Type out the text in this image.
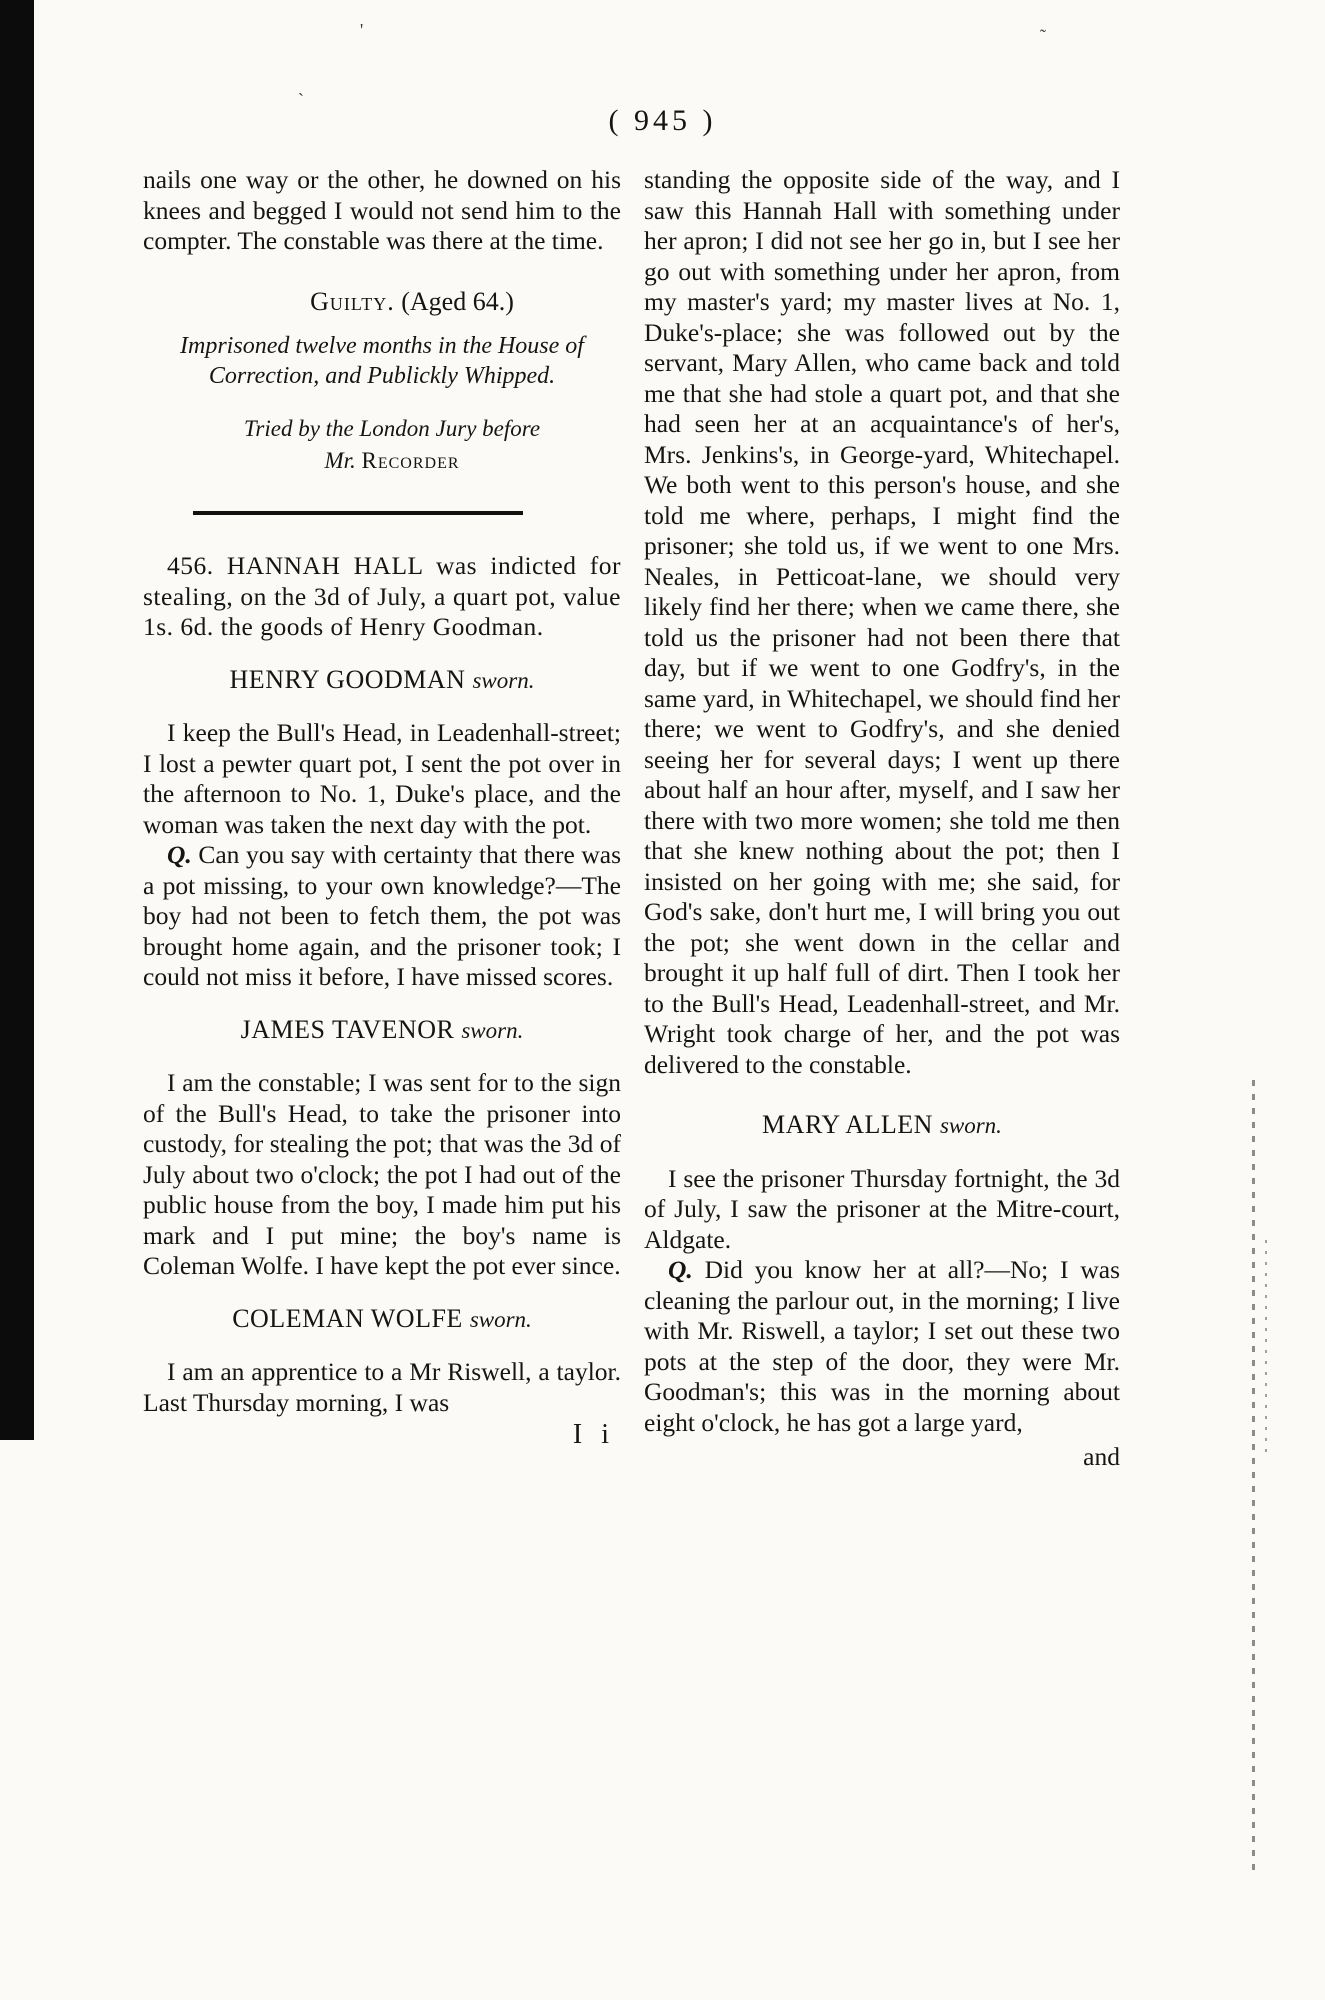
'	˜
ˋ
( 945 )

nails one way or the other, he downed on his knees and begged I would not send him to the compter. The constable was there at the time.

Guilty. (Aged 64.)

Imprisoned twelve months in the House of Correction, and Publickly Whipped.

Tried by the London Jury before
Mr. Recorder

456. HANNAH HALL was indicted for stealing, on the 3d of July, a quart pot, value 1s. 6d. the goods of Henry Goodman.

HENRY GOODMAN sworn.

I keep the Bull's Head, in Leadenhall-street; I lost a pewter quart pot, I sent the pot over in the afternoon to No. 1, Duke's place, and the woman was taken the next day with the pot.

Q. Can you say with certainty that there was a pot missing, to your own knowledge?—The boy had not been to fetch them, the pot was brought home again, and the prisoner took; I could not miss it before, I have missed scores.

JAMES TAVENOR sworn.

I am the constable; I was sent for to the sign of the Bull's Head, to take the prisoner into custody, for stealing the pot; that was the 3d of July about two o'clock; the pot I had out of the public house from the boy, I made him put his mark and I put mine; the boy's name is Coleman Wolfe. I have kept the pot ever since.

COLEMAN WOLFE sworn.

I am an apprentice to a Mr Riswell, a taylor. Last Thursday morning, I was

I i

standing the opposite side of the way, and I saw this Hannah Hall with something under her apron; I did not see her go in, but I see her go out with something under her apron, from my master's yard; my master lives at No. 1, Duke's-place; she was followed out by the servant, Mary Allen, who came back and told me that she had stole a quart pot, and that she had seen her at an acquaintance's of her's, Mrs. Jenkins's, in George-yard, Whitechapel. We both went to this person's house, and she told me where, perhaps, I might find the prisoner; she told us, if we went to one Mrs. Neales, in Petticoat-lane, we should very likely find her there; when we came there, she told us the prisoner had not been there that day, but if we went to one Godfry's, in the same yard, in Whitechapel, we should find her there; we went to Godfry's, and she denied seeing her for several days; I went up there about half an hour after, myself, and I saw her there with two more women; she told me then that she knew nothing about the pot; then I insisted on her going with me; she said, for God's sake, don't hurt me, I will bring you out the pot; she went down in the cellar and brought it up half full of dirt. Then I took her to the Bull's Head, Leadenhall-street, and Mr. Wright took charge of her, and the pot was delivered to the constable.

MARY ALLEN sworn.

I see the prisoner Thursday fortnight, the 3d of July, I saw the prisoner at the Mitre-court, Aldgate.

Q. Did you know her at all?—No; I was cleaning the parlour out, in the morning; I live with Mr. Riswell, a taylor; I set out these two pots at the step of the door, they were Mr. Goodman's; this was in the morning about eight o'clock, he has got a large yard,

and
